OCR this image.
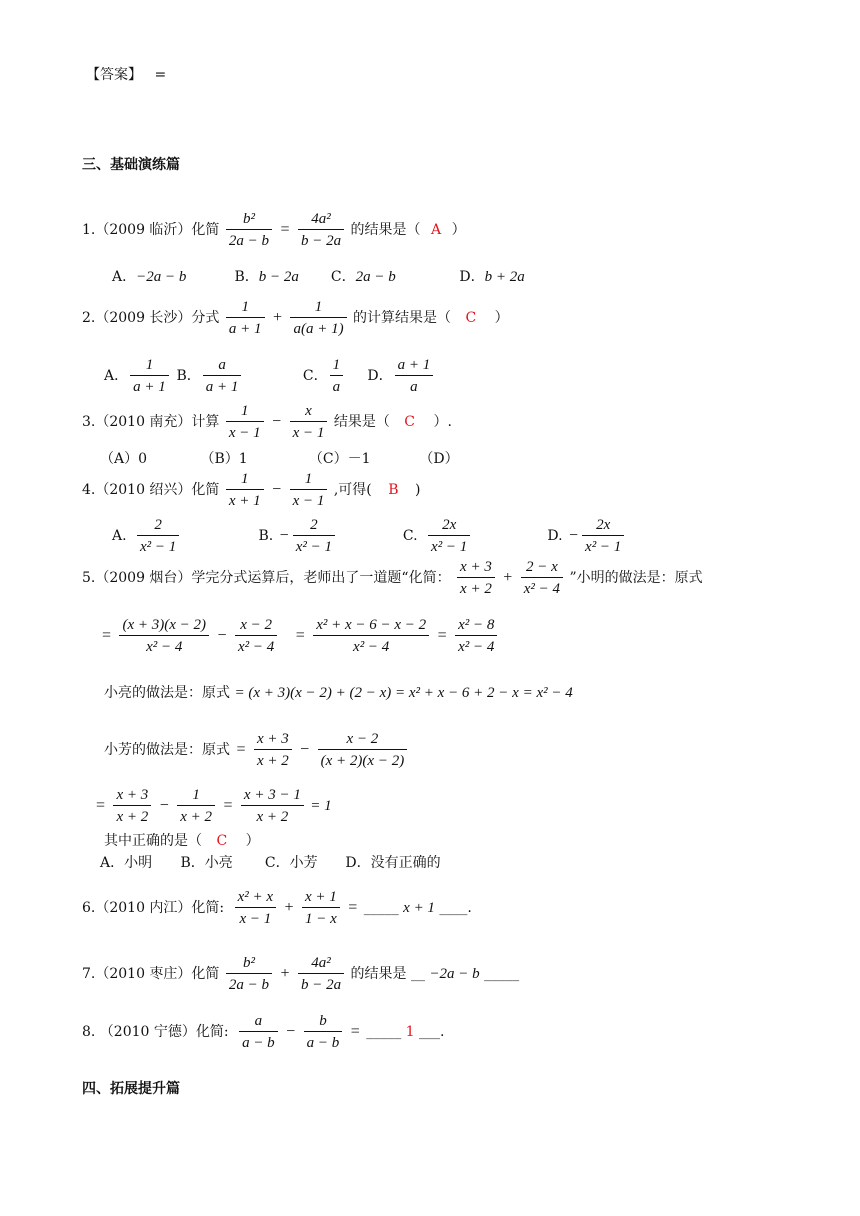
【答案】 =
三、基础演练篇
1.（2009 临沂）化简 $\frac{\text{b²}}{2a - b} = \frac{\text{4a²}}{b - 2a}$ 的结果是（ A ）
A．−2a − b	B．b − 2a C．2a − b	D．b + 2a
2.（2009 长沙）分式 $\frac{1}{a + 1} + \frac{1}{a(a + 1)}$ 的计算结果是（ C ）
A． $\frac{1}{a + 1}$ B． $\frac{a}{a + 1}$	C． $\frac{1}{a}$ D． $\frac{a + 1}{a}$
3.（2010 南充）计算 $\frac{1}{x - 1} - \frac{x}{x - 1}$ 结果是（ C ）.
（A）0	（B）1	（C）－1	（D）
4.（2010 绍兴）化简 $\frac{1}{x + 1} - \frac{1}{x - 1}$ ,可得( B )
A. $\frac{2}{\text{x² − 1}}$	B. − $\frac{2}{\text{x² − 1}}$	C. $\frac{2x}{\text{x² − 1}}$	D. − $\frac{2x}{\text{x² − 1}}$
5.（2009 烟台）学完分式运算后，老师出了一道题“化简： $\frac{x + 3}{x + 2} + \frac{2 - x}{\text{x² − 4}}$ ”小明的做法是：原式
= $\frac{(x + 3)(x - 2)}{\text{x² − 4}} - \frac{x - 2}{\text{x² − 4}} = \frac{\text{x² + x − 6 − x − 2}}{\text{x² − 4}} = \frac{\text{x² − 8}}{\text{x² − 4}}$
小亮的做法是：原式 = (x + 3)(x − 2) + (2 − x) = x² + x − 6 + 2 − x = x² − 4
小芳的做法是：原式 = $\frac{x + 3}{x + 2} - \frac{x - 2}{(x + 2)(x - 2)}$
= $\frac{x + 3}{x + 2} - \frac{1}{x + 2} = \frac{x + 3 - 1}{x + 2} = 1$
其中正确的是（ C ）
A．小明 B．小亮 C．小芳 D．没有正确的
6.（2010 内江）化简: $\frac{\text{x² + x}}{x - 1} + \frac{x + 1}{1 - x}$ = _____ x + 1 ____.
7.（2010 枣庄）化简 $\frac{\text{b²}}{2a - b} + \frac{\text{4a²}}{b - 2a}$ 的结果是 __ −2a − b _____
8. （2010 宁德）化简: $\frac{a}{a - b} - \frac{b}{a - b}$ = _____ 1 ___.
四、拓展提升篇
